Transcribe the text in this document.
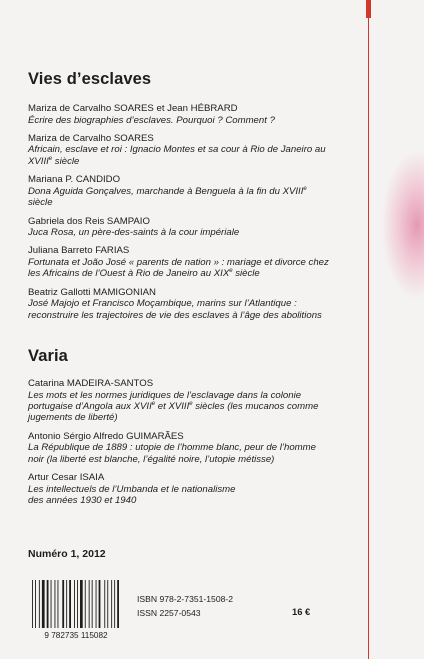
Vies d’esclaves
Mariza de Carvalho SOARES et Jean HÉBRARD
Écrire des biographies d’esclaves. Pourquoi ? Comment ?
Mariza de Carvalho SOARES
Africain, esclave et roi : Ignacio Montes et sa cour à Rio de Janeiro au
XVIIIe siècle
Mariana P. CANDIDO
Dona Aguida Gonçalves, marchande à Benguela à la fin du XVIIIe
siècle
Gabriela dos Reis SAMPAIO
Juca Rosa, un père-des-saints à la cour impériale
Juliana Barreto FARIAS
Fortunata et João José « parents de nation » : mariage et divorce chez
les Africains de l’Ouest à Rio de Janeiro au XIXe siècle
Beatriz Gallotti MAMIGONIAN
José Majojo et Francisco Moçambique, marins sur l’Atlantique :
reconstruire les trajectoires de vie des esclaves à l’âge des abolitions
Varia
Catarina MADEIRA-SANTOS
Les mots et les normes juridiques de l’esclavage dans la colonie
portugaise d’Angola aux XVIIe et XVIIIe siècles (les mucanos comme
jugements de liberté)
Antonio Sérgio Alfredo GUIMARÃES
La République de 1889 : utopie de l’homme blanc, peur de l’homme
noir (la liberté est blanche, l’égalité noire, l’utopie métisse)
Artur Cesar ISAIA
Les intellectuels de l’Umbanda et le nationalisme
des années 1930 et 1940
Numéro 1, 2012
9 782735 115082
ISBN 978-2-7351-1508-2
ISSN 2257-0543	16 €
